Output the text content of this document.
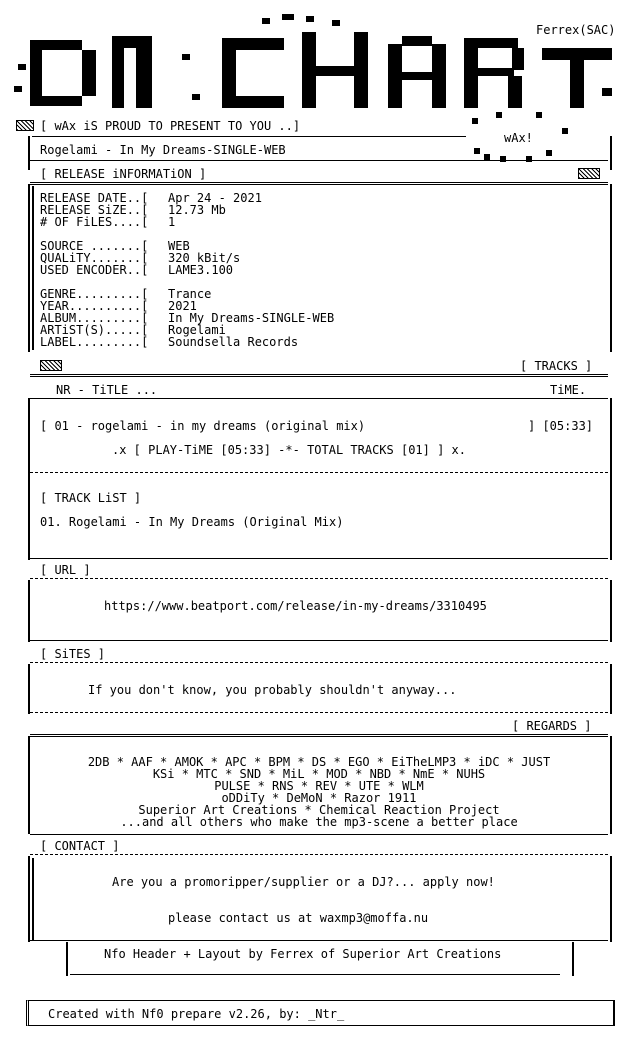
Ferrex(SAC)
wAx!
[ wAx iS PROUD TO PRESENT TO YOU ..]
Rogelami - In My Dreams-SINGLE-WEB
[ RELEASE iNFORMATiON ]
RELEASE DATE..[ Apr 24 - 2021
RELEASE SiZE..[ 12.73 Mb
# OF FiLES....[ 1
SOURCE .......[ WEB
QUALiTY.......[ 320 kBit/s
USED ENCODER..[ LAME3.100
GENRE.........[ Trance
YEAR..........[ 2021
ALBUM.........[ In My Dreams-SINGLE-WEB
ARTiST(S).....[ Rogelami
LABEL.........[ Soundsella Records
[ TRACKS ]
NR - TiTLE ...	TiME.
[ 01 - rogelami - in my dreams (original mix)	] [05:33]
.x [ PLAY-TiME [05:33] -*- TOTAL TRACKS [01] ] x.
[ TRACK LiST ]
01. Rogelami - In My Dreams (Original Mix)
[ URL ]
https://www.beatport.com/release/in-my-dreams/3310495
[ SiTES ]
If you don't know, you probably shouldn't anyway...
[ REGARDS ]
2DB * AAF * AMOK * APC * BPM * DS * EGO * EiTheLMP3 * iDC * JUST
KSi * MTC * SND * MiL * MOD * NBD * NmE * NUHS
PULSE * RNS * REV * UTE * WLM
oDDiTy * DeMoN * Razor 1911
Superior Art Creations * Chemical Reaction Project
...and all others who make the mp3-scene a better place
[ CONTACT ]
Are you a promoripper/supplier or a DJ?... apply now!
please contact us at waxmp3@moffa.nu
Nfo Header + Layout by Ferrex of Superior Art Creations
Created with Nf0 prepare v2.26, by: _Ntr_
